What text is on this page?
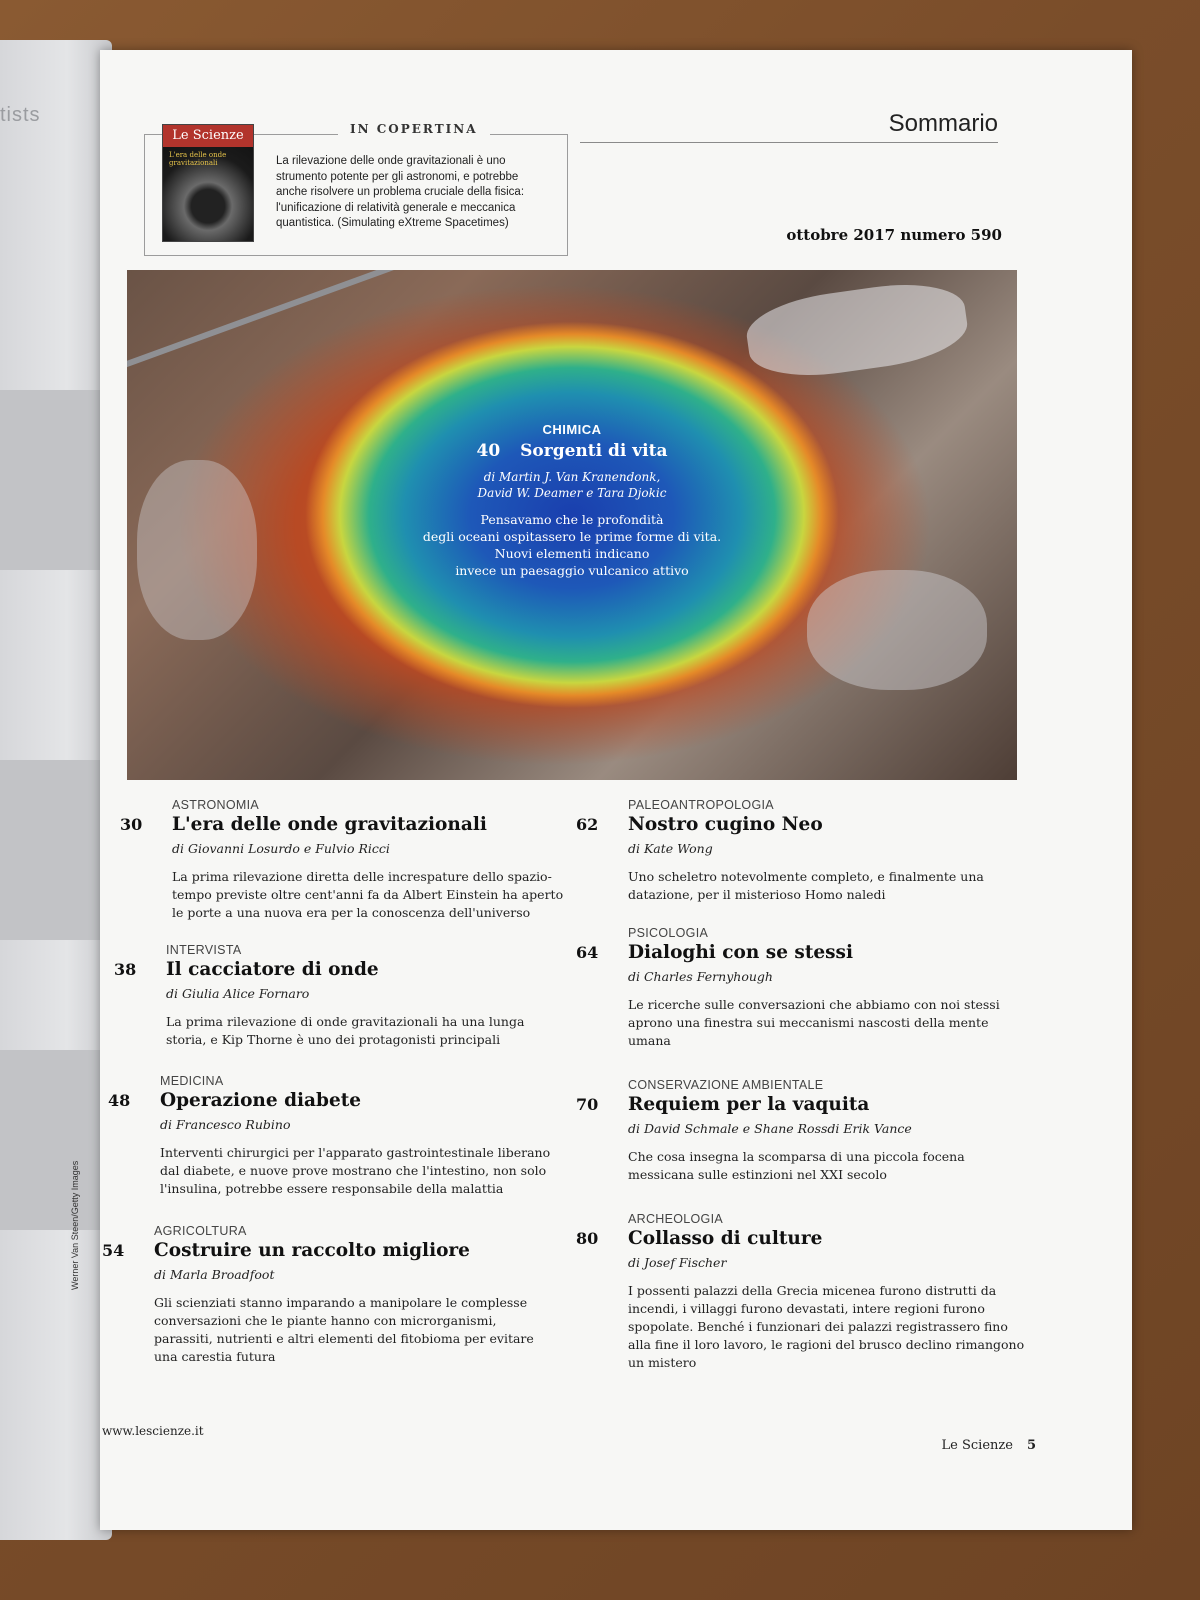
tists
IN COPERTINA
Le Scienze
L'era delle onde gravitazionali	La rilevazione delle onde gravitazionali è uno strumento potente per gli astronomi, e potrebbe anche risolvere un problema cruciale della fisica: l'unificazione di relatività generale e meccanica quantistica. (Simulating eXtreme Spacetimes)
Sommario
ottobre 2017 numero 590
CHIMICA
40 Sorgenti di vita
di Martin J. Van Kranendonk,
David W. Deamer e Tara Djokic
Pensavamo che le profondità
degli oceani ospitassero le prime forme di vita.
Nuovi elementi indicano
invece un paesaggio vulcanico attivo
ASTRONOMIA
30	L'era delle onde gravitazionali
di Giovanni Losurdo e Fulvio Ricci
La prima rilevazione diretta delle increspature dello spazio-tempo previste oltre cent'anni fa da Albert Einstein ha aperto le porte a una nuova era per la conoscenza dell'universo
INTERVISTA
38	Il cacciatore di onde
di Giulia Alice Fornaro
La prima rilevazione di onde gravitazionali ha una lunga storia, e Kip Thorne è uno dei protagonisti principali
MEDICINA
48	Operazione diabete
di Francesco Rubino
Interventi chirurgici per l'apparato gastrointestinale liberano dal diabete, e nuove prove mostrano che l'intestino, non solo l'insulina, potrebbe essere responsabile della malattia
AGRICOLTURA
54	Costruire un raccolto migliore
di Marla Broadfoot
Gli scienziati stanno imparando a manipolare le complesse conversazioni che le piante hanno con microrganismi, parassiti, nutrienti e altri elementi del fitobioma per evitare una carestia futura
PALEOANTROPOLOGIA
62	Nostro cugino Neo
di Kate Wong
Uno scheletro notevolmente completo, e finalmente una datazione, per il misterioso Homo naledi
PSICOLOGIA
64	Dialoghi con se stessi
di Charles Fernyhough
Le ricerche sulle conversazioni che abbiamo con noi stessi aprono una finestra sui meccanismi nascosti della mente umana
CONSERVAZIONE AMBIENTALE
70	Requiem per la vaquita
di David Schmale e Shane Rossdi Erik Vance
Che cosa insegna la scomparsa di una piccola focena messicana sulle estinzioni nel XXI secolo
ARCHEOLOGIA
80	Collasso di culture
di Josef Fischer
I possenti palazzi della Grecia micenea furono distrutti da incendi, i villaggi furono devastati, intere regioni furono spopolate. Benché i funzionari dei palazzi registrassero fino alla fine il loro lavoro, le ragioni del brusco declino rimangono un mistero
Werner Van Steen/Getty Images
www.lescienze.it
Le Scienze 5
